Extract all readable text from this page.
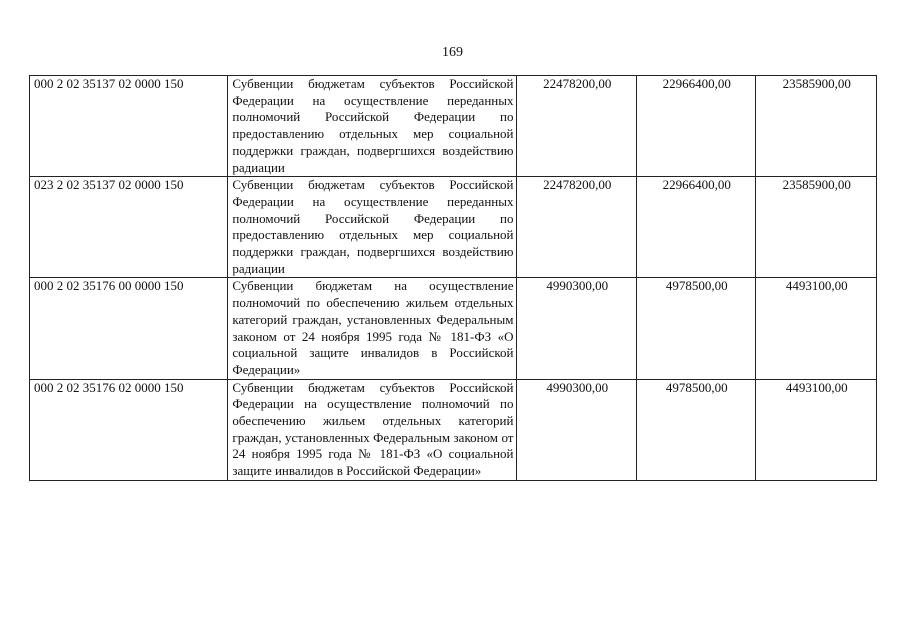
169
000 2 02 35137 02 0000 150	Субвенции бюджетам субъектов Российской Федерации на осуществление переданных полномочий Российской Федерации по предоставлению отдельных мер социальной поддержки граждан, подвергшихся воздействию радиации	22478200,00	22966400,00	23585900,00
023 2 02 35137 02 0000 150	Субвенции бюджетам субъектов Российской Федерации на осуществление переданных полномочий Российской Федерации по предоставлению отдельных мер социальной поддержки граждан, подвергшихся воздействию радиации	22478200,00	22966400,00	23585900,00
000 2 02 35176 00 0000 150	Субвенции бюджетам на осуществление полномочий по обеспечению жильем отдельных категорий граждан, установленных Федеральным законом от 24 ноября 1995 года № 181-ФЗ «О социальной защите инвалидов в Российской Федерации»	4990300,00	4978500,00	4493100,00
000 2 02 35176 02 0000 150	Субвенции бюджетам субъектов Российской Федерации на осуществление полномочий по обеспечению жильем отдельных категорий граждан, установленных Федеральным законом от 24 ноября 1995 года № 181-ФЗ «О социальной защите инвалидов в Российской Федерации»	4990300,00	4978500,00	4493100,00
